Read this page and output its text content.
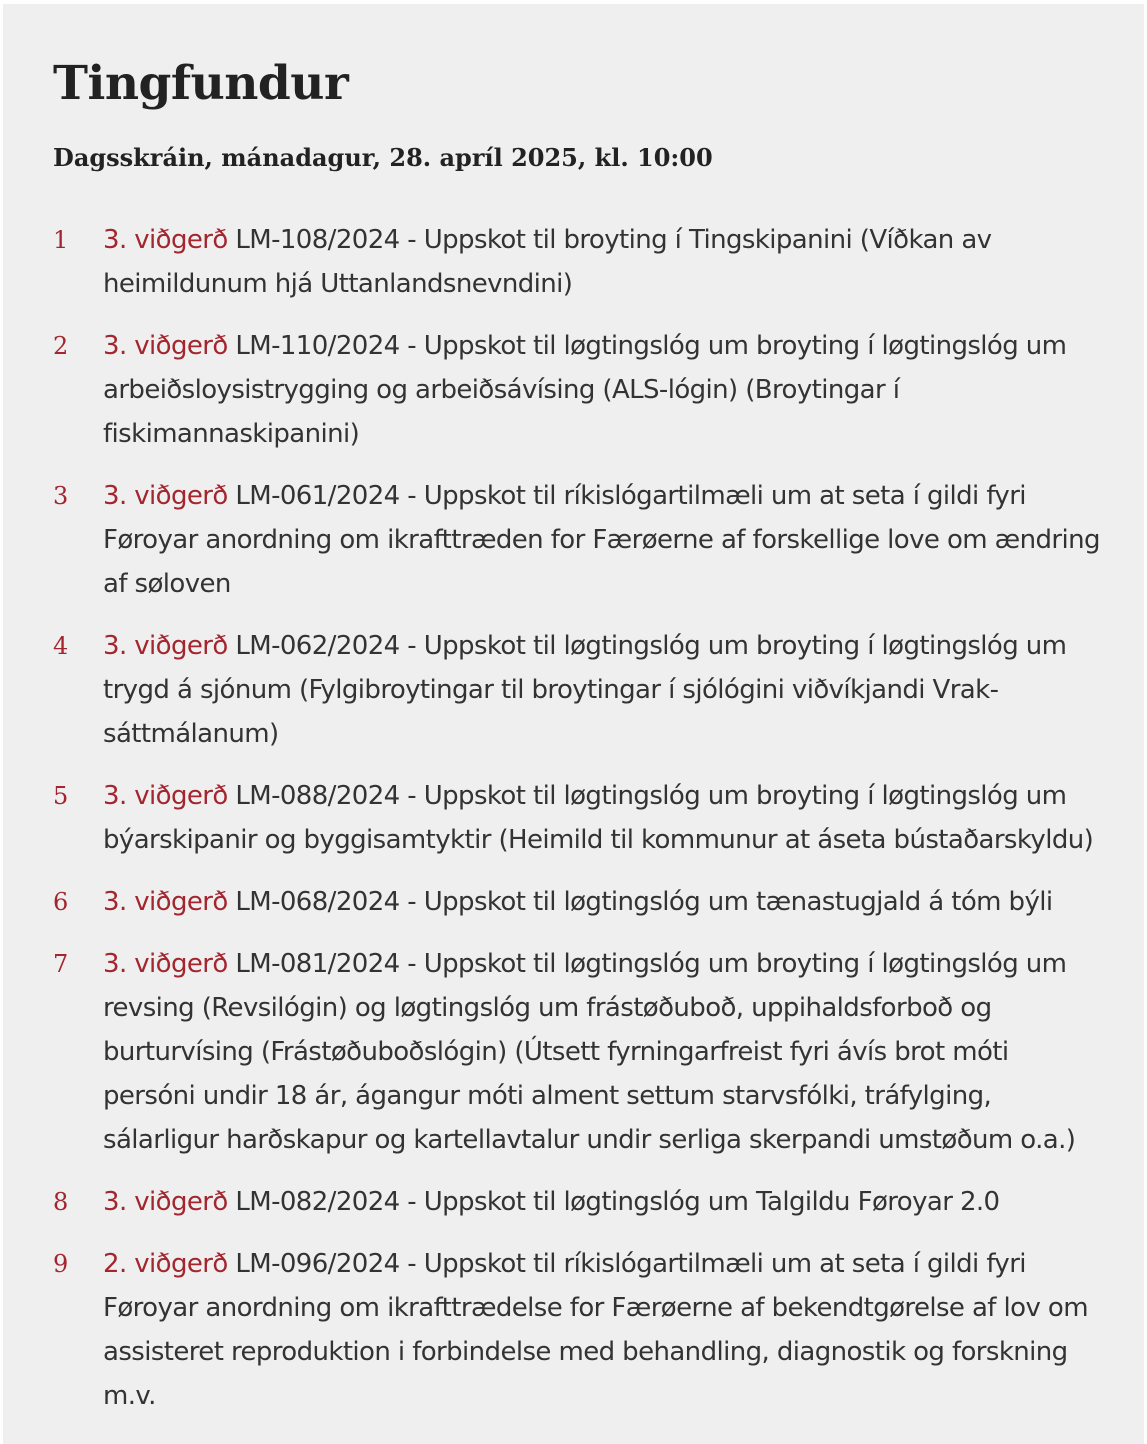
Tingfundur
Dagsskráin, mánadagur, 28. apríl 2025, kl. 10:00
1	3. viðgerð LM-108/2024 - Uppskot til broyting í Tingskipanini (Víðkan av heimildunum hjá Uttanlandsnevndini)
2	3. viðgerð LM-110/2024 - Uppskot til løgtingslóg um broyting í løgtingslóg um arbeiðsloysistrygging og arbeiðsávísing (ALS-lógin) (Broytingar í fiskimannaskipanini)
3	3. viðgerð LM-061/2024 - Uppskot til ríkislógartilmæli um at seta í gildi fyri Føroyar anordning om ikrafttræden for Færøerne af forskellige love om ændring af søloven
4	3. viðgerð LM-062/2024 - Uppskot til løgtingslóg um broyting í løgtingslóg um trygd á sjónum (Fylgibroytingar til broytingar í sjólógini viðvíkjandi Vrak-sáttmálanum)
5	3. viðgerð LM-088/2024 - Uppskot til løgtingslóg um broyting í løgtingslóg um býarskipanir og byggisamtyktir (Heimild til kommunur at áseta bústaðarskyldu)
6	3. viðgerð LM-068/2024 - Uppskot til løgtingslóg um tænastugjald á tóm býli
7	3. viðgerð LM-081/2024 - Uppskot til løgtingslóg um broyting í løgtingslóg um revsing (Revsilógin) og løgtingslóg um frástøðuboð, uppihaldsforboð og burturvísing (Frástøðuboðslógin) (Útsett fyrningarfreist fyri ávís brot móti persóni undir 18 ár, ágangur móti alment settum starvsfólki, tráfylging, sálarligur harðskapur og kartellavtalur undir serliga skerpandi umstøðum o.a.)
8	3. viðgerð LM-082/2024 - Uppskot til løgtingslóg um Talgildu Føroyar 2.0
9	2. viðgerð LM-096/2024 - Uppskot til ríkislógartilmæli um at seta í gildi fyri Føroyar anordning om ikrafttrædelse for Færøerne af bekendtgørelse af lov om assisteret reproduktion i forbindelse med behandling, diagnostik og forskning m.v.
